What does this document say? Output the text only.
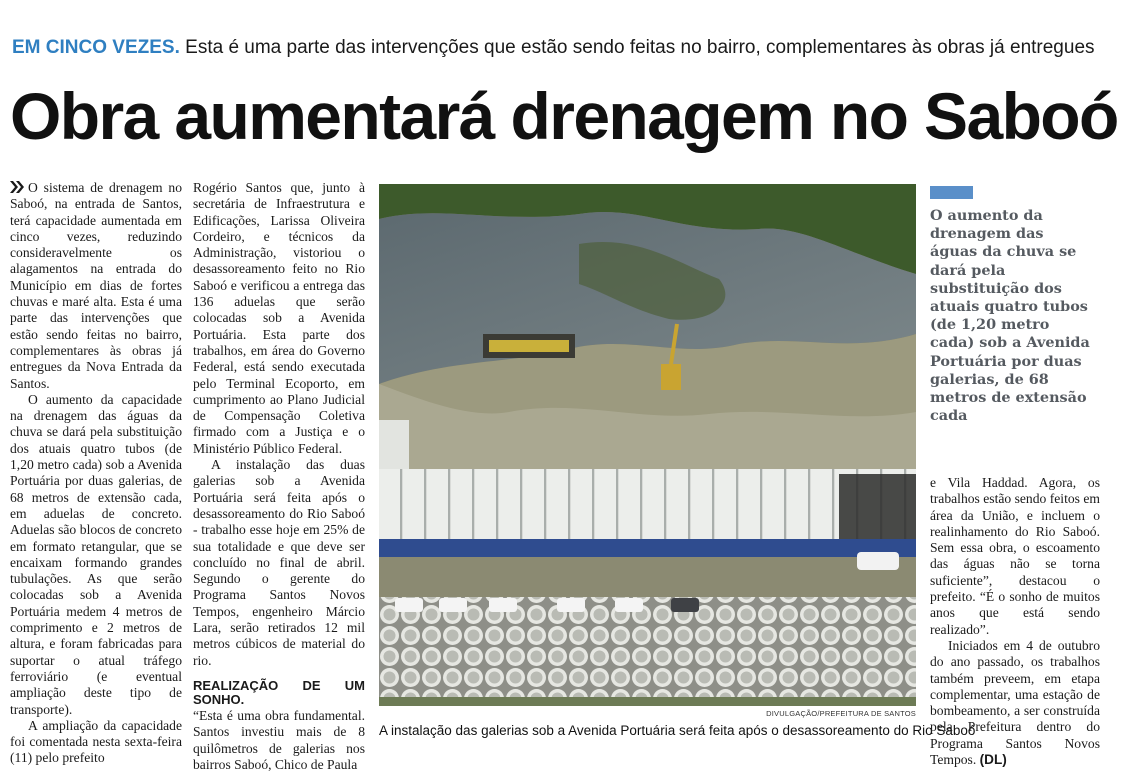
EM CINCO VEZES. Esta é uma parte das intervenções que estão sendo feitas no bairro, complementares às obras já entregues
Obra aumentará drenagem no Saboó

O sistema de drenagem no Saboó, na entrada de Santos, terá capacidade aumentada em cinco vezes, reduzindo consideravelmente os alagamentos na entrada do Município em dias de fortes chuvas e maré alta. Esta é uma parte das intervenções que estão sendo feitas no bairro, complementares às obras já entregues da Nova Entrada da Santos.

O aumento da capacidade na drenagem das águas da chuva se dará pela substituição dos atuais quatro tubos (de 1,20 metro cada) sob a Avenida Portuária por duas galerias, de 68 metros de extensão cada, em aduelas de concreto. Aduelas são blocos de concreto em formato retangular, que se encaixam formando grandes tubulações. As que serão colocadas sob a Avenida Portuária medem 4 metros de comprimento e 2 metros de altura, e foram fabricadas para suportar o atual tráfego ferroviário (e eventual ampliação deste tipo de transporte).

A ampliação da capacidade foi comentada nesta sexta-feira (11) pelo prefeito

Rogério Santos que, junto à secretária de Infraestrutura e Edificações, Larissa Oliveira Cordeiro, e técnicos da Administração, vistoriou o desassoreamento feito no Rio Saboó e verificou a entrega das 136 aduelas que serão colocadas sob a Avenida Portuária. Esta parte dos trabalhos, em área do Governo Federal, está sendo executada pelo Terminal Ecoporto, em cumprimento ao Plano Judicial de Compensação Coletiva firmado com a Justiça e o Ministério Público Federal.

A instalação das duas galerias sob a Avenida Portuária será feita após o desassoreamento do Rio Saboó - trabalho esse hoje em 25% de sua totalidade e que deve ser concluído no final de abril. Segundo o gerente do Programa Santos Novos Tempos, engenheiro Márcio Lara, serão retirados 12 mil metros cúbicos de material do rio.

REALIZAÇÃO DE UM SONHO.

“Esta é uma obra fundamental. Santos investiu mais de 8 quilômetros de galerias nos bairros Saboó, Chico de Paula

DIVULGAÇÃO/PREFEITURA DE SANTOS
A instalação das galerias sob a Avenida Portuária será feita após o desassoreamento do Rio Saboó
O aumento da drenagem das águas da chuva se dará pela substituição dos atuais quatro tubos (de 1,20 metro cada) sob a Avenida Portuária por duas galerias, de 68 metros de extensão cada

e Vila Haddad. Agora, os trabalhos estão sendo feitos em área da União, e incluem o realinhamento do Rio Saboó. Sem essa obra, o escoamento das águas não se torna suficiente”, destacou o prefeito. “É o sonho de muitos anos que está sendo realizado”.

Iniciados em 4 de outubro do ano passado, os trabalhos também preveem, em etapa complementar, uma estação de bombeamento, a ser construída pela Prefeitura dentro do Programa Santos Novos Tempos. (DL)
